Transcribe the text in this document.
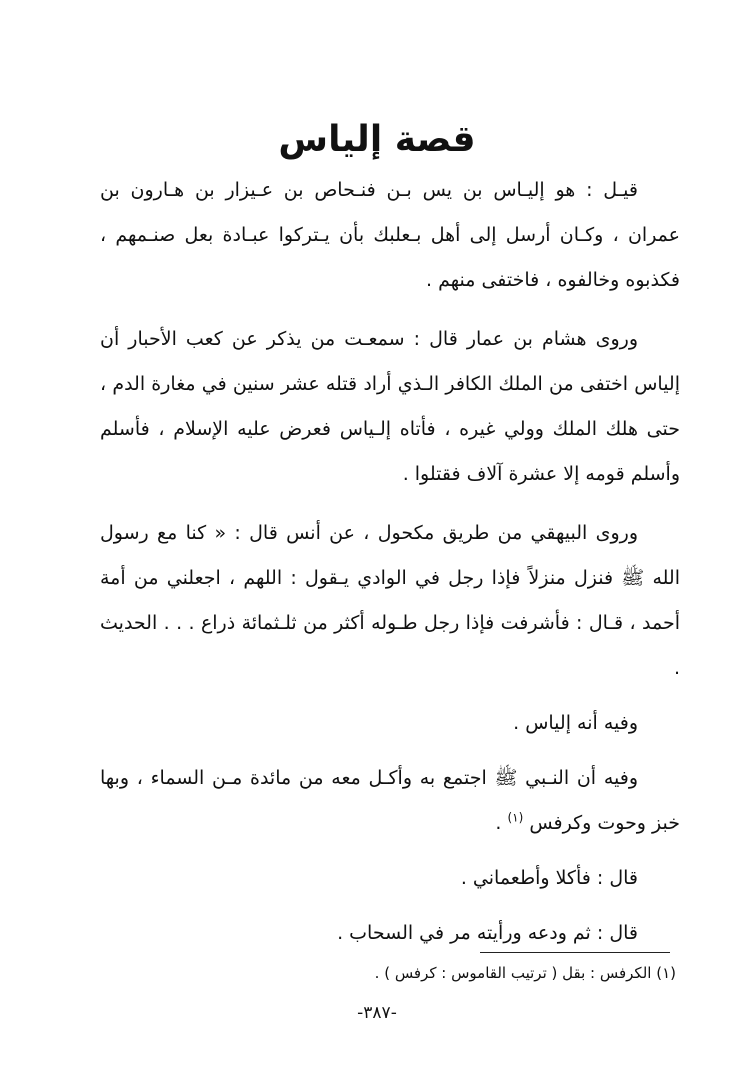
قصة إلياس

قيـل : هو إليـاس بن يس بـن فنـحاص بن عـيزار بن هـارون بن عمران ، وكـان أرسل إلى أهل بـعلبك بأن يـتركوا عبـادة بعل صنـمهم ، فكذبوه وخالفوه ، فاختفى منهم .

وروى هشام بن عمار قال : سمعـت من يذكر عن كعب الأحبار أن إلياس اختفى من الملك الكافر الـذي أراد قتله عشر سنين في مغارة الدم ، حتى هلك الملك وولي غيره ، فأتاه إلـياس فعرض عليه الإسلام ، فأسلم وأسلم قومه إلا عشرة آلاف فقتلوا .

وروى البيهقي من طريق مكحول ، عن أنس قال : « كنا مع رسول الله ﷺ فنزل منزلاً فإذا رجل في الوادي يـقول : اللهم ، اجعلني من أمة أحمد ، قـال : فأشرفت فإذا رجل طـوله أكثر من ثلـثمائة ذراع . . . الحديث .

وفيه أنه إلياس .

وفيه أن النـبي ﷺ اجتمع به وأكـل معه من مائدة مـن السماء ، وبها خبز وحوت وكرفس $^{(١)}$ .

قال : فأكلا وأطعماني .

قال : ثم ودعه ورأيته مر في السحاب .

(١) الكرفس : بقل ( ترتيب القاموس : كرفس ) .

-٣٨٧-
